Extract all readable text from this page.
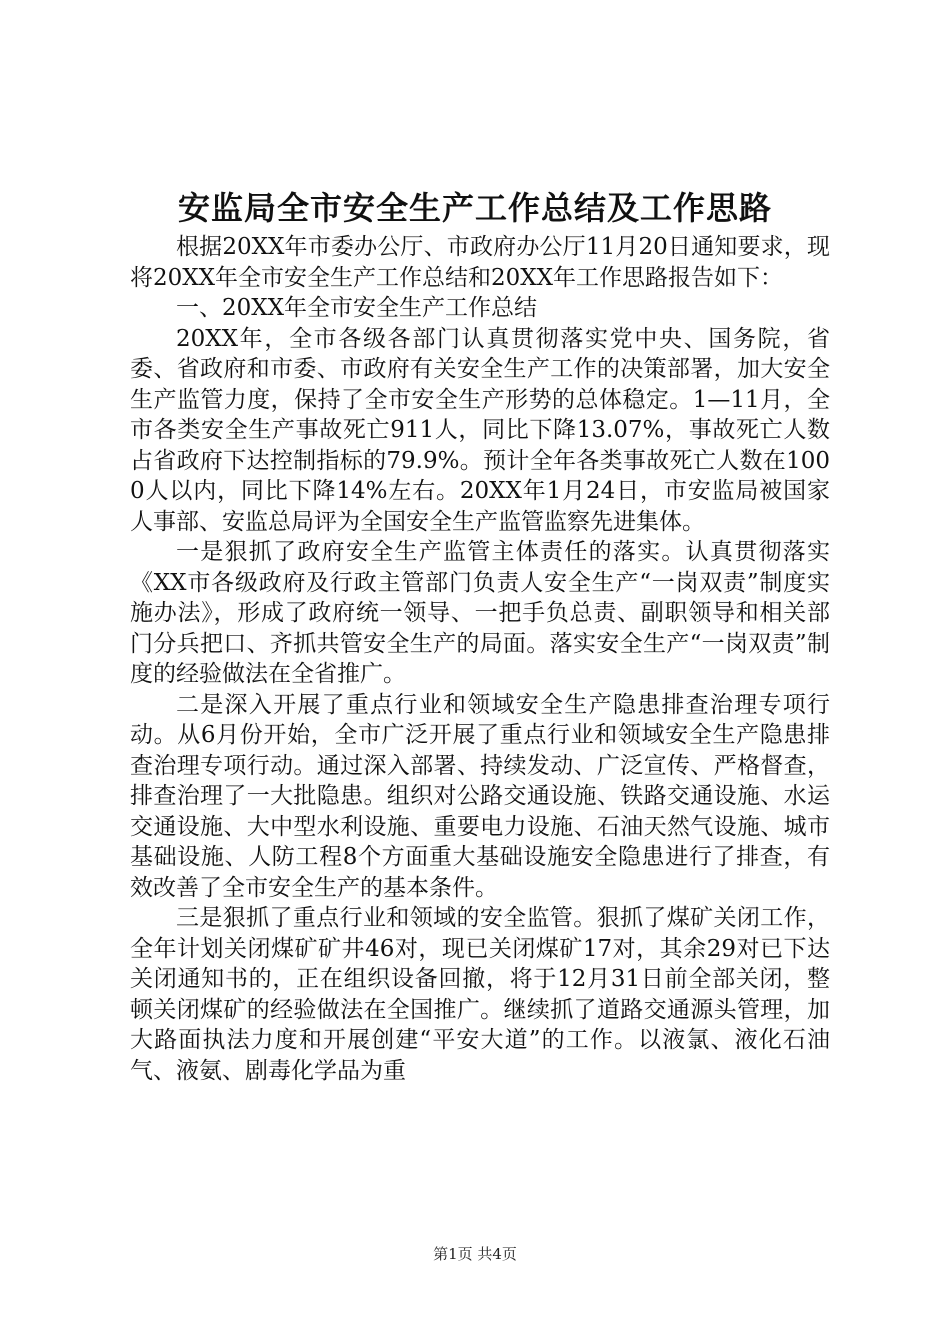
安监局全市安全生产工作总结及工作思路

根据20XX年市委办公厅、市政府办公厅11月20日通知要求，现将20XX年全市安全生产工作总结和20XX年工作思路报告如下：

一、20XX年全市安全生产工作总结

20XX年，全市各级各部门认真贯彻落实党中央、国务院，省委、省政府和市委、市政府有关安全生产工作的决策部署，加大安全生产监管力度，保持了全市安全生产形势的总体稳定。1—11月，全市各类安全生产事故死亡911人，同比下降13.07%，事故死亡人数占省政府下达控制指标的79.9%。预计全年各类事故死亡人数在1000人以内，同比下降14%左右。20XX年1月24日，市安监局被国家人事部、安监总局评为全国安全生产监管监察先进集体。

一是狠抓了政府安全生产监管主体责任的落实。认真贯彻落实《XX市各级政府及行政主管部门负责人安全生产“一岗双责”制度实施办法》，形成了政府统一领导、一把手负总责、副职领导和相关部门分兵把口、齐抓共管安全生产的局面。落实安全生产“一岗双责”制度的经验做法在全省推广。

二是深入开展了重点行业和领域安全生产隐患排查治理专项行动。从6月份开始，全市广泛开展了重点行业和领域安全生产隐患排查治理专项行动。通过深入部署、持续发动、广泛宣传、严格督查，排查治理了一大批隐患。组织对公路交通设施、铁路交通设施、水运交通设施、大中型水利设施、重要电力设施、石油天然气设施、城市基础设施、人防工程8个方面重大基础设施安全隐患进行了排查，有效改善了全市安全生产的基本条件。

三是狠抓了重点行业和领域的安全监管。狠抓了煤矿关闭工作，全年计划关闭煤矿矿井46对，现已关闭煤矿17对，其余29对已下达关闭通知书的，正在组织设备回撤，将于12月31日前全部关闭，整顿关闭煤矿的经验做法在全国推广。继续抓了道路交通源头管理，加大路面执法力度和开展创建“平安大道”的工作。以液氯、液化石油气、液氨、剧毒化学品为重

第1页 共4页
